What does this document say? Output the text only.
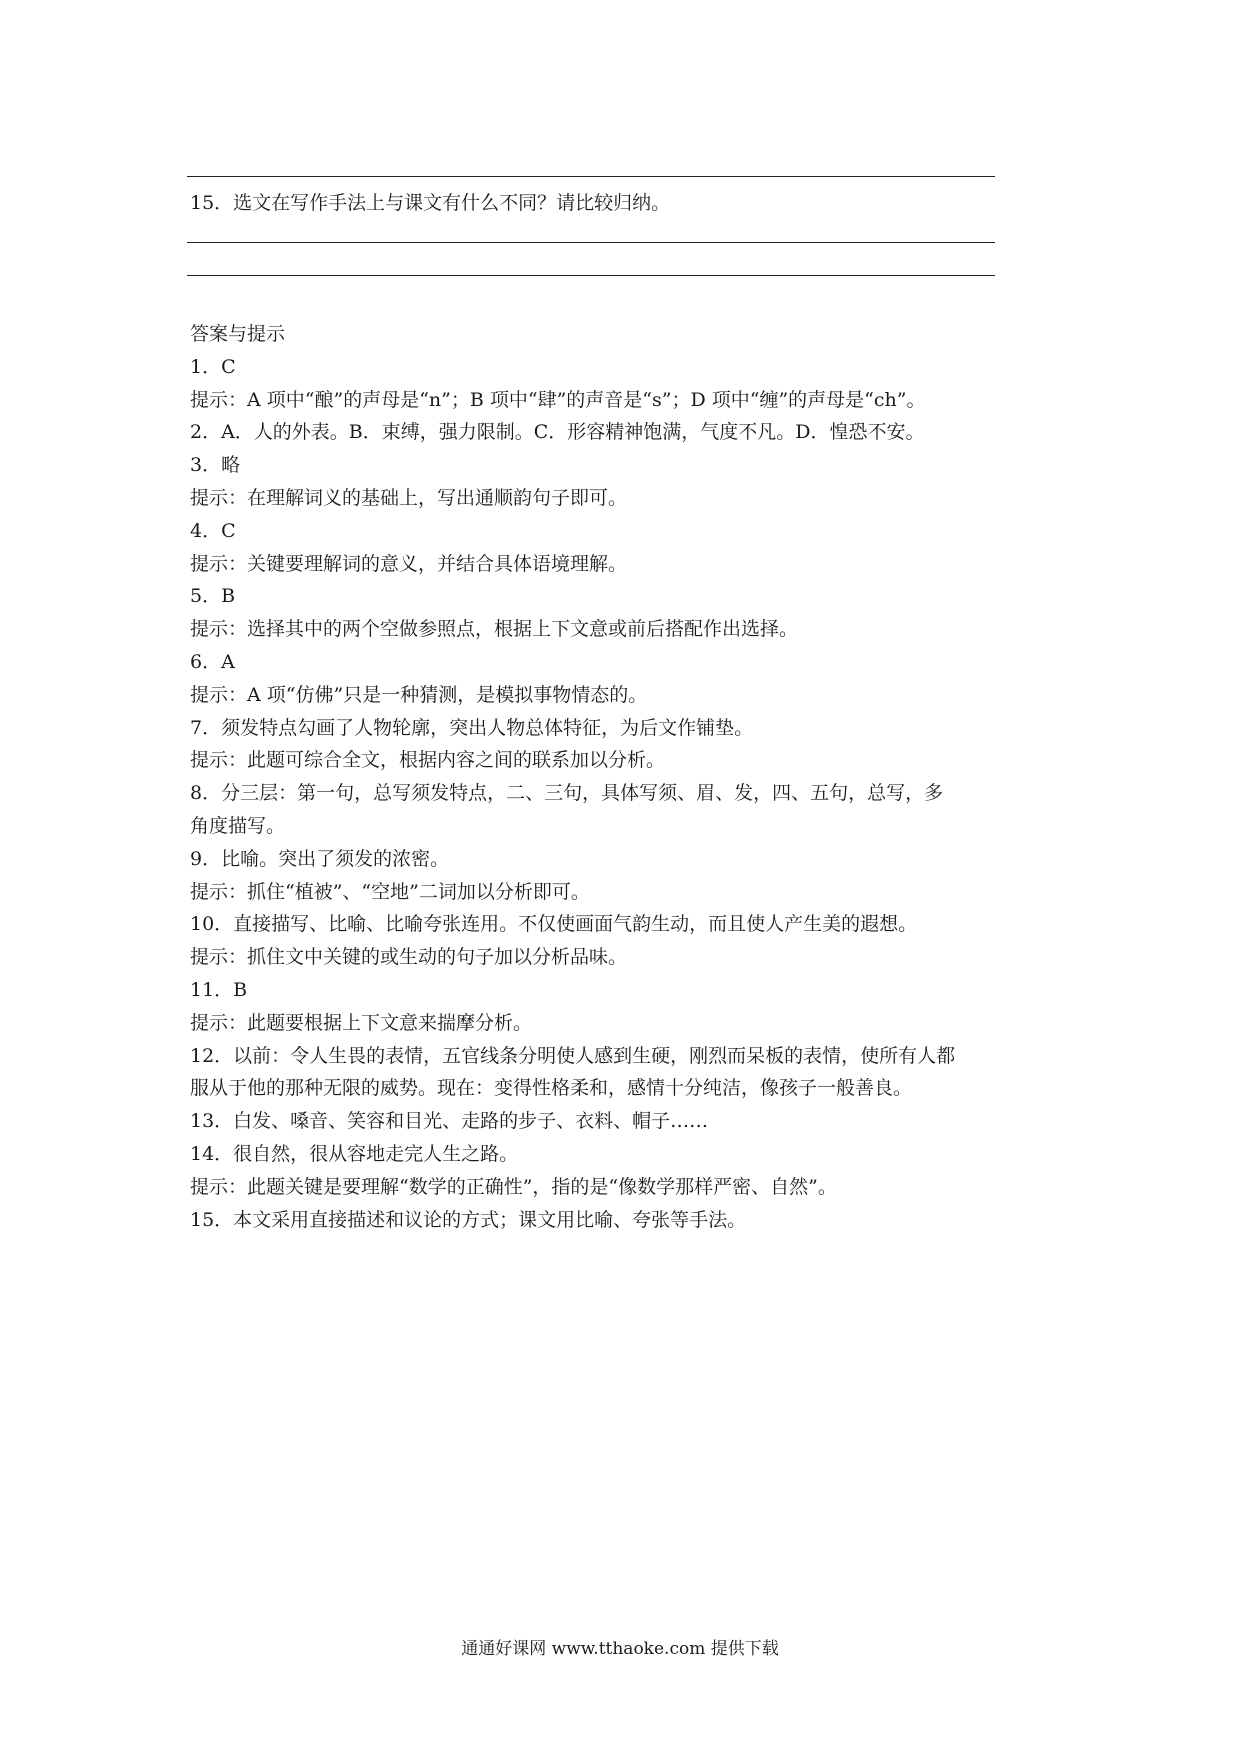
15．选文在写作手法上与课文有什么不同？请比较归纳。
答案与提示
1．C
提示：A 项中“酿”的声母是“n”；B 项中“肆”的声音是“s”；D 项中“缠”的声母是“ch”。
2．A．人的外表。B．束缚，强力限制。C．形容精神饱满，气度不凡。D．惶恐不安。
3．略
提示：在理解词义的基础上，写出通顺韵句子即可。
4．C
提示：关键要理解词的意义，并结合具体语境理解。
5．B
提示：选择其中的两个空做参照点，根据上下文意或前后搭配作出选择。
6．A
提示：A 项“仿佛”只是一种猜测，是模拟事物情态的。
7．须发特点勾画了人物轮廓，突出人物总体特征，为后文作铺垫。
提示：此题可综合全文，根据内容之间的联系加以分析。
8．分三层：第一句，总写须发特点，二、三句，具体写须、眉、发，四、五句，总写，多
角度描写。
9．比喻。突出了须发的浓密。
提示：抓住“植被”、“空地”二词加以分析即可。
10．直接描写、比喻、比喻夸张连用。不仅使画面气韵生动，而且使人产生美的遐想。
提示：抓住文中关键的或生动的句子加以分析品味。
11．B
提示：此题要根据上下文意来揣摩分析。
12．以前：令人生畏的表情，五官线条分明使人感到生硬，刚烈而呆板的表情，使所有人都
服从于他的那种无限的威势。现在：变得性格柔和，感情十分纯洁，像孩子一般善良。
13．白发、嗓音、笑容和目光、走路的步子、衣料、帽子……
14．很自然，很从容地走完人生之路。
提示：此题关键是要理解“数学的正确性”，指的是“像数学那样严密、自然”。
15．本文采用直接描述和议论的方式；课文用比喻、夸张等手法。
通通好课网 www.tthaoke.com 提供下载
